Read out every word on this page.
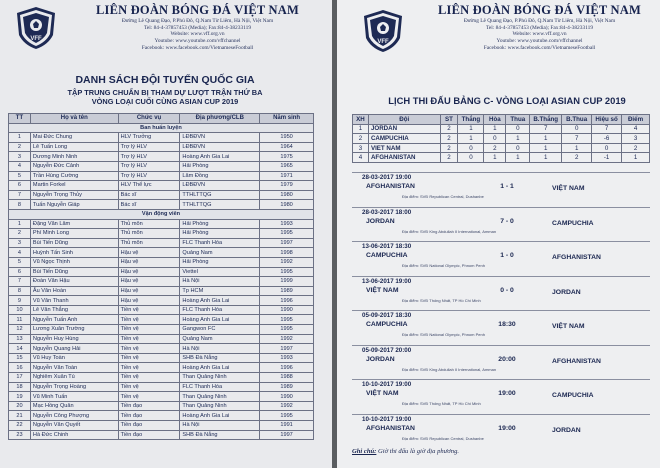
VFF
LIÊN ĐOÀN BÓNG ĐÁ VIỆT NAM
Đường Lê Quang Đạo, P.Phú Đô, Q.Nam Từ Liêm, Hà Nội, Việt Nam
Tel: 84-4-37857453 (Media); Fax:84-4-38233119
Website: www.vff.org.vn
Youtube: www.youtube.com/vffchannel
Facebook: www.facebook.com/VietnameseFootball
DANH SÁCH ĐỘI TUYỂN QUỐC GIA
TẬP TRUNG CHUẨN BỊ THAM DỰ LƯỢT TRẬN THỨ BA
VÒNG LOẠI CUỐI CÙNG ASIAN CUP 2019
TT	Họ và tên	Chức vụ	Địa phương/CLB	Năm sinh
Ban huấn luyện				
1	Mai Đức Chung	HLV Trưởng	LĐBĐVN	1950
2	Lê Tuấn Long	Trợ lý HLV	LĐBĐVN	1964
3	Dương Minh Ninh	Trợ lý HLV	Hoàng Anh Gia Lai	1975
4	Nguyễn Đức Cảnh	Trợ lý HLV	Hải Phòng	1965
5	Trần Hùng Cường	Trợ lý HLV	Lâm Đồng	1971
6	Martin Forkel	HLV Thể lực	LĐBĐVN	1979
7	Nguyễn Trọng Thủy	Bác sĩ	TTHLTTQG	1980
8	Tuấn Nguyễn Giáp	Bác sĩ	TTHLTTQG	1980
Vận động viên				
1	Đặng Văn Lâm	Thủ môn	Hải Phòng	1993
2	Phí Minh Long	Thủ môn	Hải Phòng	1995
3	Bùi Tiến Dũng	Thủ môn	FLC Thanh Hóa	1997
4	Huỳnh Tấn Sinh	Hậu vệ	Quảng Nam	1998
5	Vũ Ngọc Thịnh	Hậu vệ	Hải Phòng	1992
6	Bùi Tiến Dũng	Hậu vệ	Viettel	1995
7	Đoàn Văn Hậu	Hậu vệ	Hà Nội	1999
8	Âu Văn Hoàn	Hậu vệ	Tp HCM	1989
9	Vũ Văn Thanh	Hậu vệ	Hoàng Anh Gia Lai	1996
10	Lê Văn Thắng	Tiền vệ	FLC Thanh Hóa	1990
11	Nguyễn Tuấn Anh	Tiền vệ	Hoàng Anh Gia Lai	1995
12	Lương Xuân Trường	Tiền vệ	Gangwon FC	1995
13	Nguyễn Huy Hùng	Tiền vệ	Quảng Nam	1992
14	Nguyễn Quang Hải	Tiền vệ	Hà Nội	1997
15	Vũ Huy Toàn	Tiền vệ	SHB Đà Nẵng	1993
16	Nguyễn Văn Toàn	Tiền vệ	Hoàng Anh Gia Lai	1996
17	Nghiêm Xuân Tú	Tiền vệ	Than Quảng Ninh	1988
18	Nguyễn Trọng Hoàng	Tiền vệ	FLC Thanh Hóa	1989
19	Vũ Minh Tuấn	Tiền vệ	Than Quảng Ninh	1990
20	Mạc Hồng Quân	Tiền đạo	Than Quảng Ninh	1992
21	Nguyễn Công Phượng	Tiền đạo	Hoàng Anh Gia Lai	1995
22	Nguyễn Văn Quyết	Tiền đạo	Hà Nội	1991
23	Hà Đức Chinh	Tiền đạo	SHB Đà Nẵng	1997
VFF
LIÊN ĐOÀN BÓNG ĐÁ VIỆT NAM
Đường Lê Quang Đạo, P.Phú Đô, Q.Nam Từ Liêm, Hà Nội, Việt Nam
Tel: 84-4-37857453 (Media); Fax:84-4-38233119
Website: www.vff.org.vn
Youtube: www.youtube.com/vffchannel
Facebook: www.facebook.com/VietnameseFootball
LỊCH THI ĐẤU BẢNG C- VÒNG LOẠI ASIAN CUP 2019
XH	Đội	ST	Thắng	Hòa	Thua	B.Thắng	B.Thua	Hiệu số	Điểm
1	JORDAN	2	1	1	0	7	0	7	4
2	CAMPUCHIA	2	1	0	1	1	7	-6	3
3	VIET NAM	2	0	2	0	1	1	0	2
4	AFGHANISTAN	2	0	1	1	1	2	-1	1
28-03-2017 19:00
AFGHANISTAN	1 - 1	VIỆT NAM
Địa điểm: SVĐ Republican Central, Dushanbe
28-03-2017 18:00
JORDAN	7 - 0	CAMPUCHIA
Địa điểm: SVĐ King Abdullah II International, Amman
13-06-2017 18:30
CAMPUCHIA	1 - 0	AFGHANISTAN
Địa điểm: SVĐ National Olympic, Phnom Penh
13-06-2017 19:00
VIỆT NAM	0 - 0	JORDAN
Địa điểm: SVĐ Thống Nhất, TP Hồ Chí Minh
05-09-2017 18:30
CAMPUCHIA	18:30	VIỆT NAM
Địa điểm: SVĐ National Olympic, Phnom Penh
05-09-2017 20:00
JORDAN	20:00	AFGHANISTAN
Địa điểm: SVĐ King Abdullah II International, Amman
10-10-2017 19:00
VIỆT NAM	19:00	CAMPUCHIA
Địa điểm: SVĐ Thống Nhất, TP Hồ Chí Minh
10-10-2017 19:00
AFGHANISTAN	19:00	JORDAN
Địa điểm: SVĐ Republican Central, Dushanbe
Ghi chú: Giờ thi đấu là giờ địa phương.
